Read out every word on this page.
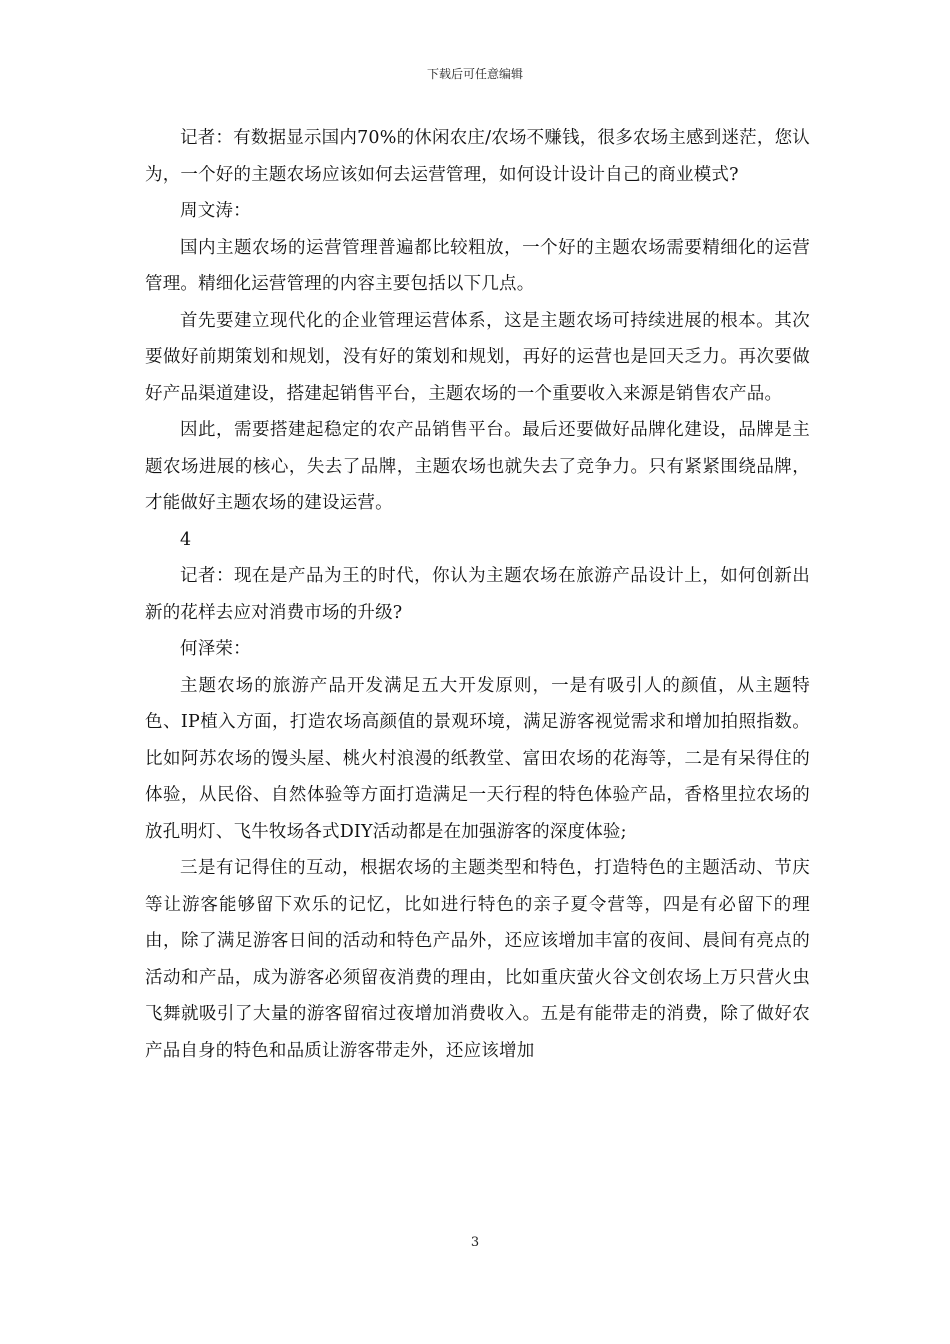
下载后可任意编辑

记者：有数据显示国内70%的休闲农庄/农场不赚钱，很多农场主感到迷茫，您认为，一个好的主题农场应该如何去运营管理，如何设计设计自己的商业模式?

周文涛：

国内主题农场的运营管理普遍都比较粗放，一个好的主题农场需要精细化的运营管理。精细化运营管理的内容主要包括以下几点。

首先要建立现代化的企业管理运营体系，这是主题农场可持续进展的根本。其次要做好前期策划和规划，没有好的策划和规划，再好的运营也是回天乏力。再次要做好产品渠道建设，搭建起销售平台，主题农场的一个重要收入来源是销售农产品。

因此，需要搭建起稳定的农产品销售平台。最后还要做好品牌化建设，品牌是主题农场进展的核心，失去了品牌，主题农场也就失去了竞争力。只有紧紧围绕品牌，才能做好主题农场的建设运营。

4

记者：现在是产品为王的时代，你认为主题农场在旅游产品设计上，如何创新出新的花样去应对消费市场的升级?

何泽荣：

主题农场的旅游产品开发满足五大开发原则，一是有吸引人的颜值，从主题特色、IP植入方面，打造农场高颜值的景观环境，满足游客视觉需求和增加拍照指数。比如阿苏农场的馒头屋、桃火村浪漫的纸教堂、富田农场的花海等，二是有呆得住的体验，从民俗、自然体验等方面打造满足一天行程的特色体验产品，香格里拉农场的放孔明灯、飞牛牧场各式DIY活动都是在加强游客的深度体验;

三是有记得住的互动，根据农场的主题类型和特色，打造特色的主题活动、节庆等让游客能够留下欢乐的记忆，比如进行特色的亲子夏令营等，四是有必留下的理由，除了满足游客日间的活动和特色产品外，还应该增加丰富的夜间、晨间有亮点的活动和产品，成为游客必须留夜消费的理由，比如重庆萤火谷文创农场上万只营火虫飞舞就吸引了大量的游客留宿过夜增加消费收入。五是有能带走的消费，除了做好农产品自身的特色和品质让游客带走外，还应该增加

3
